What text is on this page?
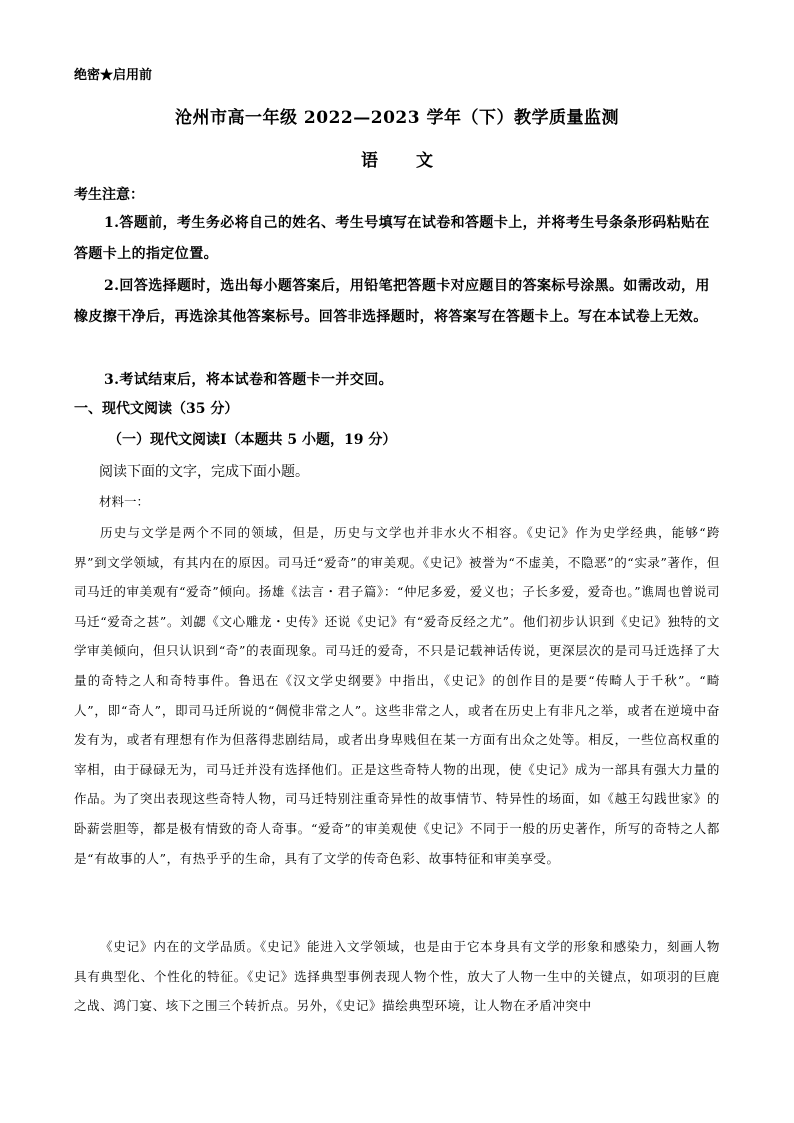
绝密★启用前
沧州市高一年级 2022—2023 学年（下）教学质量监测
语文
考生注意：
1.答题前，考生务必将自己的姓名、考生号填写在试卷和答题卡上，并将考生号条条形码粘贴在答题卡上的指定位置。
2.回答选择题时，选出每小题答案后，用铅笔把答题卡对应题目的答案标号涂黑。如需改动，用橡皮擦干净后，再选涂其他答案标号。回答非选择题时，将答案写在答题卡上。写在本试卷上无效。
3.考试结束后，将本试卷和答题卡一并交回。
一、现代文阅读（35 分）
（一）现代文阅读Ⅰ（本题共 5 小题，19 分）
阅读下面的文字，完成下面小题。
材料一：
历史与文学是两个不同的领域，但是，历史与文学也并非水火不相容。《史记》作为史学经典，能够“跨界”到文学领域，有其内在的原因。司马迁“爱奇”的审美观。《史记》被誉为“不虚美，不隐恶”的“实录”著作，但司马迁的审美观有“爱奇”倾向。扬雄《法言・君子篇》：“仲尼多爱，爱义也；子长多爱，爱奇也。”谯周也曾说司马迁“爱奇之甚”。刘勰《文心雕龙・史传》还说《史记》有“爱奇反经之尤”。他们初步认识到《史记》独特的文学审美倾向，但只认识到“奇”的表面现象。司马迁的爱奇，不只是记载神话传说，更深层次的是司马迁选择了大量的奇特之人和奇特事件。鲁迅在《汉文学史纲要》中指出，《史记》的创作目的是要“传畸人于千秋”。“畸人”，即“奇人”，即司马迁所说的“倜傥非常之人”。这些非常之人，或者在历史上有非凡之举，或者在逆境中奋发有为，或者有理想有作为但落得悲剧结局，或者出身卑贱但在某一方面有出众之处等。相反，一些位高权重的宰相，由于碌碌无为，司马迁并没有选择他们。正是这些奇特人物的出现，使《史记》成为一部具有强大力量的作品。为了突出表现这些奇特人物，司马迁特别注重奇异性的故事情节、特异性的场面，如《越王勾践世家》的卧薪尝胆等，都是极有情致的奇人奇事。“爱奇”的审美观使《史记》不同于一般的历史著作，所写的奇特之人都是“有故事的人”，有热乎乎的生命，具有了文学的传奇色彩、故事特征和审美享受。
《史记》内在的文学品质。《史记》能进入文学领域，也是由于它本身具有文学的形象和感染力，刻画人物具有典型化、个性化的特征。《史记》选择典型事例表现人物个性，放大了人物一生中的关键点，如项羽的巨鹿之战、鸿门宴、垓下之围三个转折点。另外，《史记》描绘典型环境，让人物在矛盾冲突中
